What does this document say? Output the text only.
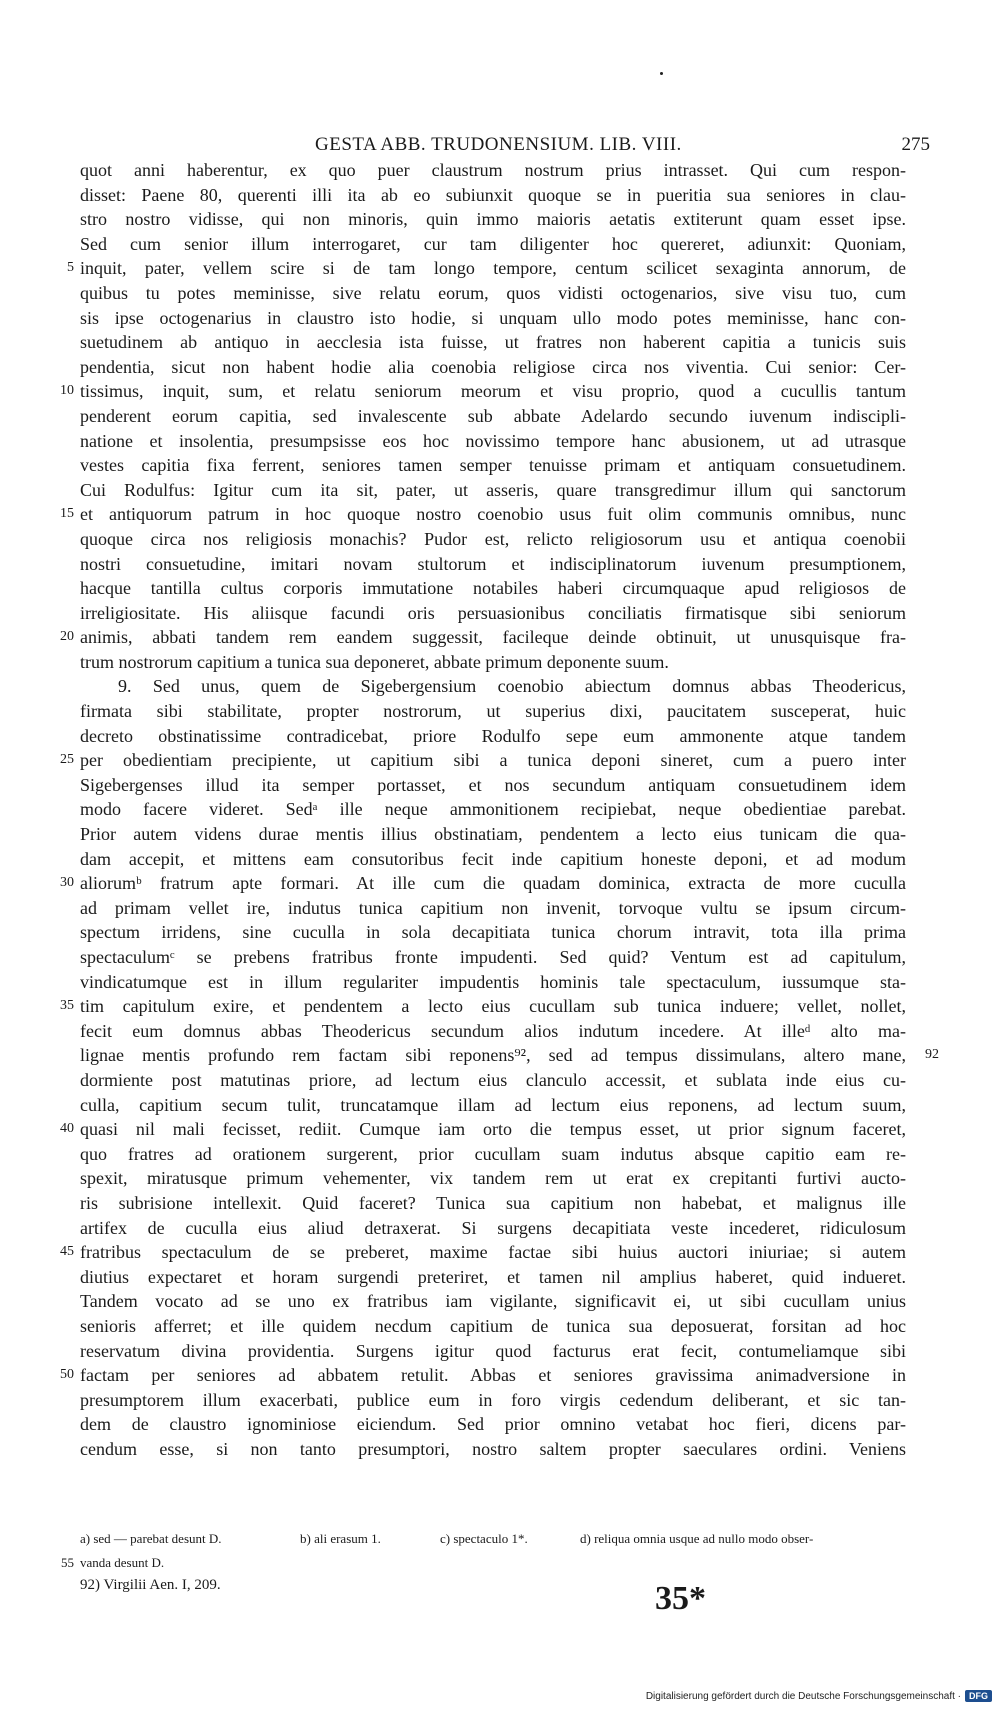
GESTA ABB. TRUDONENSIUM. LIB. VIII.	275
quot anni haberentur, ex quo puer claustrum nostrum prius intrasset. Qui cum respon-
disset: Paene 80, querenti illi ita ab eo subiunxit quoque se in pueritia sua seniores in clau-
stro nostro vidisse, qui non minoris, quin immo maioris aetatis extiterunt quam esset ipse.
Sed cum senior illum interrogaret, cur tam diligenter hoc quereret, adiunxit: Quoniam,
5 inquit, pater, vellem scire si de tam longo tempore, centum scilicet sexaginta annorum, de
quibus tu potes meminisse, sive relatu eorum, quos vidisti octogenarios, sive visu tuo, cum
sis ipse octogenarius in claustro isto hodie, si unquam ullo modo potes meminisse, hanc con-
suetudinem ab antiquo in aecclesia ista fuisse, ut fratres non haberent capitia a tunicis suis
pendentia, sicut non habent hodie alia coenobia religiose circa nos viventia. Cui senior: Cer-
10 tissimus, inquit, sum, et relatu seniorum meorum et visu proprio, quod a cucullis tantum
penderent eorum capitia, sed invalescente sub abbate Adelardo secundo iuvenum indiscipli-
natione et insolentia, presumpsisse eos hoc novissimo tempore hanc abusionem, ut ad utrasque
vestes capitia fixa ferrent, seniores tamen semper tenuisse primam et antiquam consuetudinem.
Cui Rodulfus: Igitur cum ita sit, pater, ut asseris, quare transgredimur illum qui sanctorum
15 et antiquorum patrum in hoc quoque nostro coenobio usus fuit olim communis omnibus, nunc
quoque circa nos religiosis monachis? Pudor est, relicto religiosorum usu et antiqua coenobii
nostri consuetudine, imitari novam stultorum et indisciplinatorum iuvenum presumptionem,
hacque tantilla cultus corporis immutatione notabiles haberi circumquaque apud religiosos de
irreligiositate. His aliisque facundi oris persuasionibus conciliatis firmatisque sibi seniorum
20 animis, abbati tandem rem eandem suggessit, facileque deinde obtinuit, ut unusquisque fra-
trum nostrorum capitium a tunica sua deponeret, abbate primum deponente suum.
9. Sed unus, quem de Sigebergensium coenobio abiectum domnus abbas Theodericus,
firmata sibi stabilitate, propter nostrorum, ut superius dixi, paucitatem susceperat, huic
decreto obstinatissime contradicebat, priore Rodulfo sepe eum ammonente atque tandem
25 per obedientiam precipiente, ut capitium sibi a tunica deponi sineret, cum a puero inter
Sigebergenses illud ita semper portasset, et nos secundum antiquam consuetudinem idem
modo facere videret. Sedᵃ ille neque ammonitionem recipiebat, neque obedientiae parebat.
Prior autem videns durae mentis illius obstinatiam, pendentem a lecto eius tunicam die qua-
dam accepit, et mittens eam consutoribus fecit inde capitium honeste deponi, et ad modum
30 aliorumᵇ fratrum apte formari. At ille cum die quadam dominica, extracta de more cuculla
ad primam vellet ire, indutus tunica capitium non invenit, torvoque vultu se ipsum circum-
spectum irridens, sine cuculla in sola decapitiata tunica chorum intravit, tota illa prima
spectaculumᶜ se prebens fratribus fronte impudenti. Sed quid? Ventum est ad capitulum,
vindicatumque est in illum regulariter impudentis hominis tale spectaculum, iussumque sta-
35 tim capitulum exire, et pendentem a lecto eius cucullam sub tunica induere; vellet, nollet,
fecit eum domnus abbas Theodericus secundum alios indutum incedere. At illeᵈ alto ma-
lignae mentis profundo rem factam sibi reponens⁹², sed ad tempus dissimulans, altero mane, 92
dormiente post matutinas priore, ad lectum eius clanculo accessit, et sublata inde eius cu-
culla, capitium secum tulit, truncatamque illam ad lectum eius reponens, ad lectum suum,
40 quasi nil mali fecisset, rediit. Cumque iam orto die tempus esset, ut prior signum faceret,
quo fratres ad orationem surgerent, prior cucullam suam indutus absque capitio eam re-
spexit, miratusque primum vehementer, vix tandem rem ut erat ex crepitanti furtivi aucto-
ris subrisione intellexit. Quid faceret? Tunica sua capitium non habebat, et malignus ille
artifex de cuculla eius aliud detraxerat. Si surgens decapitiata veste incederet, ridiculosum
45 fratribus spectaculum de se preberet, maxime factae sibi huius auctori iniuriae; si autem
diutius expectaret et horam surgendi preteriret, et tamen nil amplius haberet, quid indueret.
Tandem vocato ad se uno ex fratribus iam vigilante, significavit ei, ut sibi cucullam unius
senioris afferret; et ille quidem necdum capitium de tunica sua deposuerat, forsitan ad hoc
reservatum divina providentia. Surgens igitur quod facturus erat fecit, contumeliamque sibi
50 factam per seniores ad abbatem retulit. Abbas et seniores gravissima animadversione in
presumptorem illum exacerbati, publice eum in foro virgis cedendum deliberant, et sic tan-
dem de claustro ignominiose eiciendum. Sed prior omnino vetabat hoc fieri, dicens par-
cendum esse, si non tanto presumptori, nostro saltem propter saeculares ordini. Veniens
a) sed — parebat desunt D.	b) ali erasum 1.	c) spectaculo 1*.	d) reliqua omnia usque ad nullo modo obser-
55 vanda desunt D.
92) Virgilii Aen. I, 209.	35*
Digitalisierung gefördert durch die Deutsche Forschungsgemeinschaft · DFG
